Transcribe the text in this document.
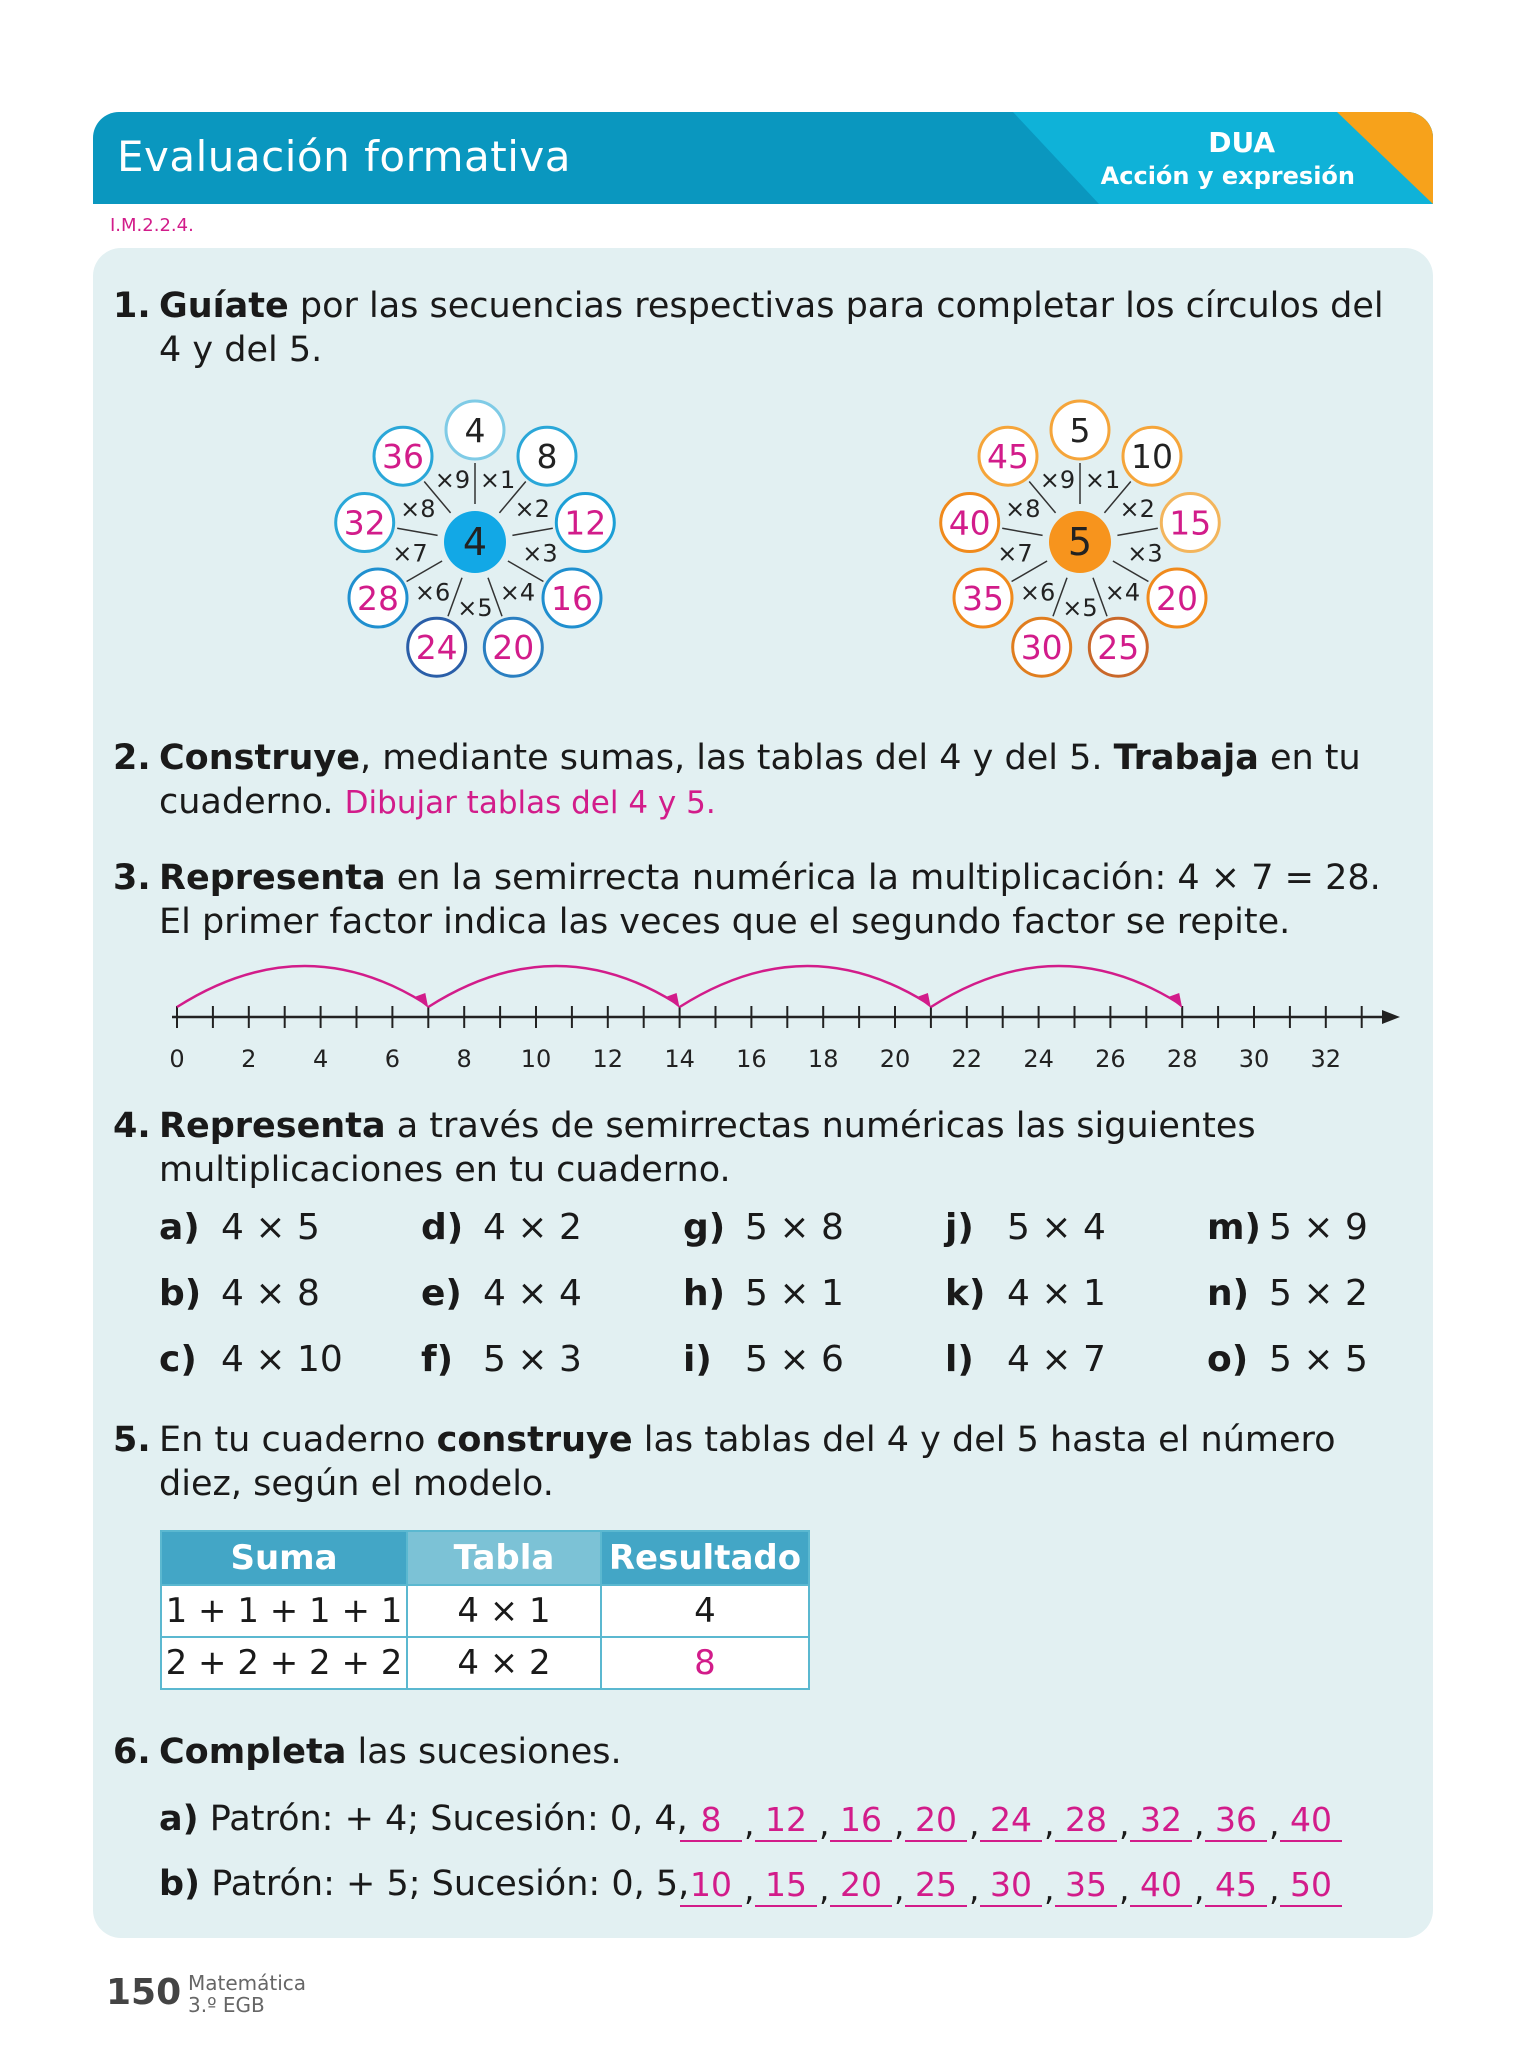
Evaluación formativa	DUA
Acción y expresión
I.M.2.2.4.
1. Guíate por las secuencias respectivas para completar los círculos del
4 y del 5.
×1
4
×2
8
×3
12
×4 16
×5
20
×6
24
×7
28
×8
32
×9
36
4
×1
5
×2
10
×3
15
×4 20
×5
25
×6
30
×7
35
×8
40
×9
45
5
2. Construye, mediante sumas, las tablas del 4 y del 5. Trabaja en tu
cuaderno. Dibujar tablas del 4 y 5.
3. Representa en la semirrecta numérica la multiplicación: 4 × 7 = 28.
El primer factor indica las veces que el segundo factor se repite.
0 2 4 6 8 10 12 14 16 18 20 22 24 26 28 30 32
4. Representa a través de semirrectas numéricas las siguientes
multiplicaciones en tu cuaderno.
a) 4 × 5
b) 4 × 8
c) 4 × 10
d) 4 × 2
e) 4 × 4
f) 5 × 3
g) 5 × 8
h) 5 × 1
i) 5 × 6
j) 5 × 4
k) 4 × 1
l) 4 × 7
m) 5 × 9
n) 5 × 2
o) 5 × 5
5. En tu cuaderno construye las tablas del 4 y del 5 hasta el número
diez, según el modelo.
Suma	Tabla	Resultado
1 + 1 + 1 + 1	4 × 1	4
2 + 2 + 2 + 2	4 × 2	8
6. Completa las sucesiones.
a) Patrón: + 4; Sucesión: 0, 4,
b) Patrón: + 5; Sucesión: 0, 5,
8 , 12 , 16 , 20 , 24 , 28 , 32 , 36 , 40
10 , 15 , 20 , 25 , 30 , 35 , 40 , 45 , 50
150 Matemática
3.º EGB
